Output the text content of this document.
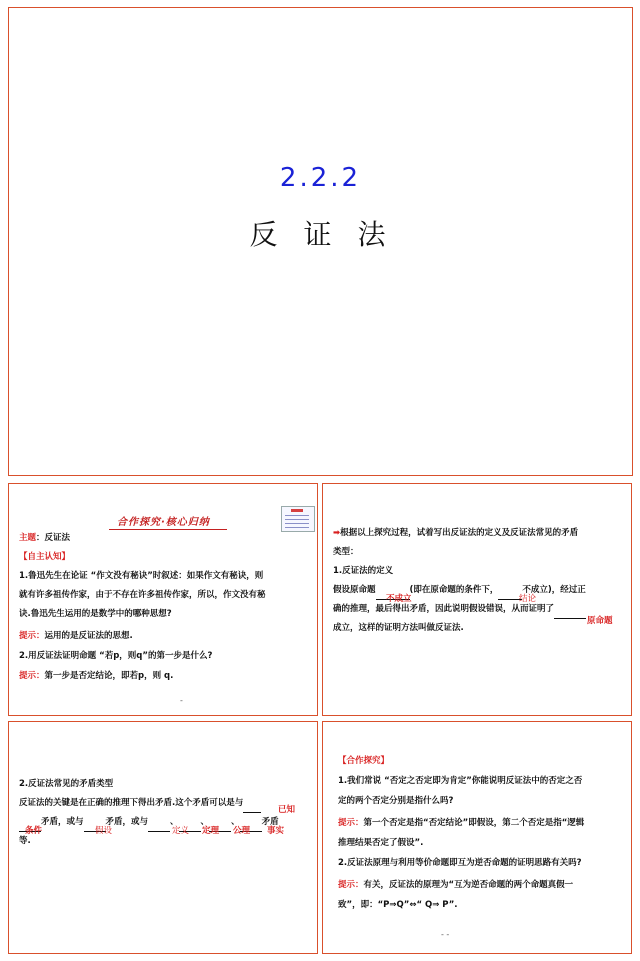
2.2.2
反证法
合作探究·核心归纳
主题：反证法
【自主认知】
1.鲁迅先生在论证 “作文没有秘诀”时叙述：如果作文有秘诀，则
就有许多祖传作家，由于不存在许多祖传作家，所以，作文没有秘
诀.鲁迅先生运用的是数学中的哪种思想?
提示：运用的是反证法的思想.
2.用反证法证明命题 “若p，则q”的第一步是什么?
提示：第一步是否定结论，即若p，则 q.
-
➡根据以上探究过程，试着写出反证法的定义及反证法常见的矛盾
类型：
1.反证法的定义
假设原命题	(即在原命题的条件下，	不成立)，经过正
确的推理，最后得出矛盾，因此说明假设错误，从而证明了
成立，这样的证明方法叫做反证法.
不成立	结论
原命题
2.反证法常见的矛盾类型
反证法的关键是在正确的推理下得出矛盾.这个矛盾可以是与
矛盾，或与	矛盾，或与	、	、	、	矛盾
等.
已知
条件	假设	定义 定理 公理 事实
【合作探究】
1.我们常说 “否定之否定即为肯定”你能说明反证法中的否定之否
定的两个否定分别是指什么吗?
提示：第一个否定是指“否定结论”即假设，第二个否定是指“逻辑
推理结果否定了假设”.
2.反证法原理与利用等价命题即互为逆否命题的证明思路有关吗?
提示：有关，反证法的原理为“互为逆否命题的两个命题真假一
致”，即：“P⇒Q”⇔“ Q⇒ P”.
- -
